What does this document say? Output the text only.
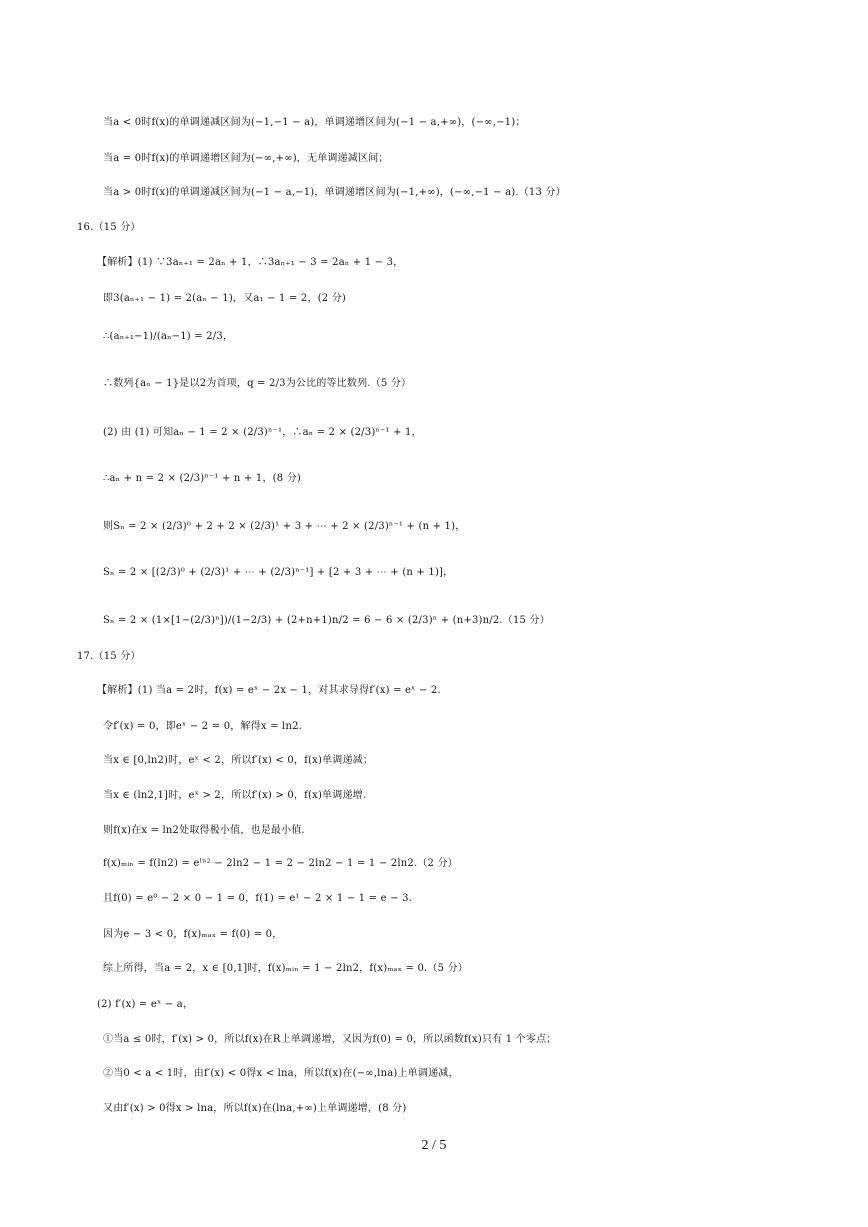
当a < 0时f(x)的单调递减区间为(−1,−1 − a)，单调递增区间为(−1 − a,+∞)，(−∞,−1)；
当a = 0时f(x)的单调递增区间为(−∞,+∞)，无单调递减区间；
当a > 0时f(x)的单调递减区间为(−1 − a,−1)，单调递增区间为(−1,+∞)，(−∞,−1 − a).（13 分）
16.（15 分）
【解析】(1) ∵3aₙ₊₁ = 2aₙ + 1，∴3aₙ₊₁ − 3 = 2aₙ + 1 − 3，
即3(aₙ₊₁ − 1) = 2(aₙ − 1)，又a₁ − 1 = 2，(2 分)
∴(aₙ₊₁−1)/(aₙ−1) = 2/3，
∴数列{aₙ − 1}是以2为首项，q = 2/3为公比的等比数列.（5 分）
(2) 由 (1) 可知aₙ − 1 = 2 × (2/3)ⁿ⁻¹，∴aₙ = 2 × (2/3)ⁿ⁻¹ + 1，
∴aₙ + n = 2 × (2/3)ⁿ⁻¹ + n + 1，(8 分)
则Sₙ = 2 × (2/3)⁰ + 2 + 2 × (2/3)¹ + 3 + ⋯ + 2 × (2/3)ⁿ⁻¹ + (n + 1)，
Sₙ = 2 × [(2/3)⁰ + (2/3)¹ + ⋯ + (2/3)ⁿ⁻¹] + [2 + 3 + ⋯ + (n + 1)]，
Sₙ = 2 × (1×[1−(2/3)ⁿ])/(1−2/3) + (2+n+1)n/2 = 6 − 6 × (2/3)ⁿ + (n+3)n/2.（15 分）
17.（15 分）
【解析】(1) 当a = 2时，f(x) = eˣ − 2x − 1，对其求导得f′(x) = eˣ − 2.
令f′(x) = 0，即eˣ − 2 = 0，解得x = ln2.
当x ∈ [0,ln2)时，eˣ < 2，所以f′(x) < 0，f(x)单调递减；
当x ∈ (ln2,1]时，eˣ > 2，所以f′(x) > 0，f(x)单调递增.
则f(x)在x = ln2处取得极小值，也是最小值.
f(x)ₘᵢₙ = f(ln2) = eˡⁿ² − 2ln2 − 1 = 2 − 2ln2 − 1 = 1 − 2ln2.（2 分）
且f(0) = e⁰ − 2 × 0 − 1 = 0，f(1) = e¹ − 2 × 1 − 1 = e − 3.
因为e − 3 < 0，f(x)ₘₐₓ = f(0) = 0，
综上所得，当a = 2，x ∈ [0,1]时，f(x)ₘᵢₙ = 1 − 2ln2，f(x)ₘₐₓ = 0.（5 分）
(2) f′(x) = eˣ − a，
①当a ≤ 0时，f′(x) > 0，所以f(x)在R上单调递增，又因为f(0) = 0，所以函数f(x)只有 1 个零点；
②当0 < a < 1时，由f′(x) < 0得x < lna，所以f(x)在(−∞,lna)上单调递减，
又由f′(x) > 0得x > lna，所以f(x)在(lna,+∞)上单调递增，(8 分)
2 / 5
